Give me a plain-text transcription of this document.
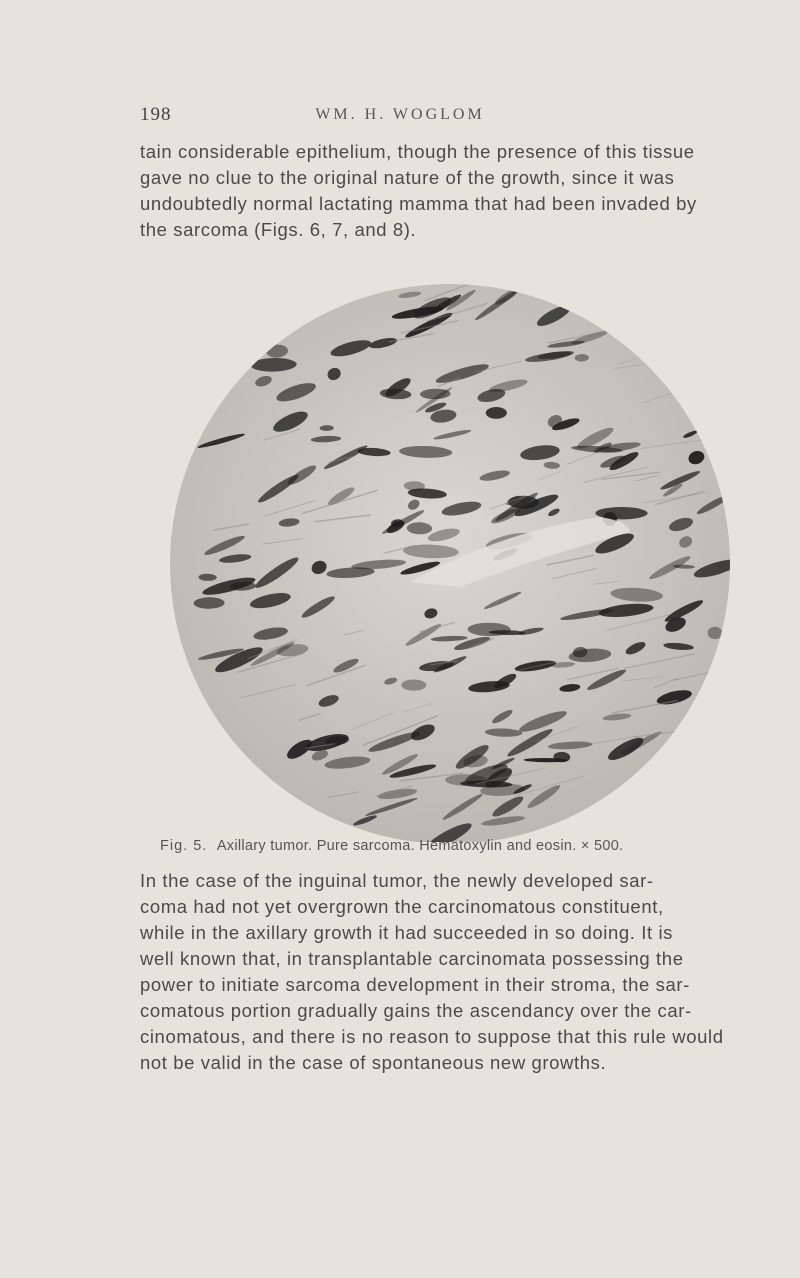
198	WM. H. WOGLOM
tain considerable epithelium, though the presence of this tissue
gave no clue to the original nature of the growth, since it was
undoubtedly normal lactating mamma that had been invaded by
the sarcoma (Figs. 6, 7, and 8).
Fig. 5. Axillary tumor. Pure sarcoma. Hematoxylin and eosin. × 500.
In the case of the inguinal tumor, the newly developed sar-
coma had not yet overgrown the carcinomatous constituent,
while in the axillary growth it had succeeded in so doing. It is
well known that, in transplantable carcinomata possessing the
power to initiate sarcoma development in their stroma, the sar-
comatous portion gradually gains the ascendancy over the car-
cinomatous, and there is no reason to suppose that this rule would
not be valid in the case of spontaneous new growths.
